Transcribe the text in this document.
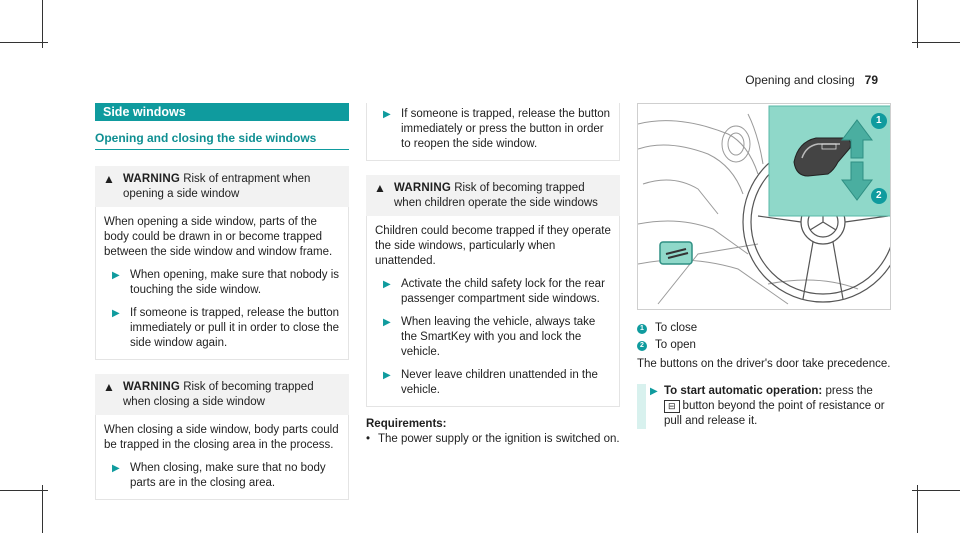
Opening and closing 79
Side windows
Opening and closing the side windows
▲ WARNING Risk of entrapment when opening a side window
When opening a side window, parts of the body could be drawn in or become trapped between the side window and window frame.
▶ When opening, make sure that nobody is touching the side window.
▶ If someone is trapped, release the button immediately or pull it in order to close the side window again.
▲ WARNING Risk of becoming trapped when closing a side window
When closing a side window, body parts could be trapped in the closing area in the process.
▶ When closing, make sure that no body parts are in the closing area.
▶ If someone is trapped, release the button immediately or press the button in order to reopen the side window.
▲ WARNING Risk of becoming trapped when children operate the side windows
Children could become trapped if they operate the side windows, particularly when unattended.
▶ Activate the child safety lock for the rear passenger compartment side windows.
▶ When leaving the vehicle, always take the SmartKey with you and lock the vehicle.
▶ Never leave children unattended in the vehicle.
Requirements:
• The power supply or the ignition is switched on.
1
2
1 To close
2 To open
The buttons on the driver's door take precedence.
▶ To start automatic operation: press the
⊟ button beyond the point of resistance or pull and release it.
